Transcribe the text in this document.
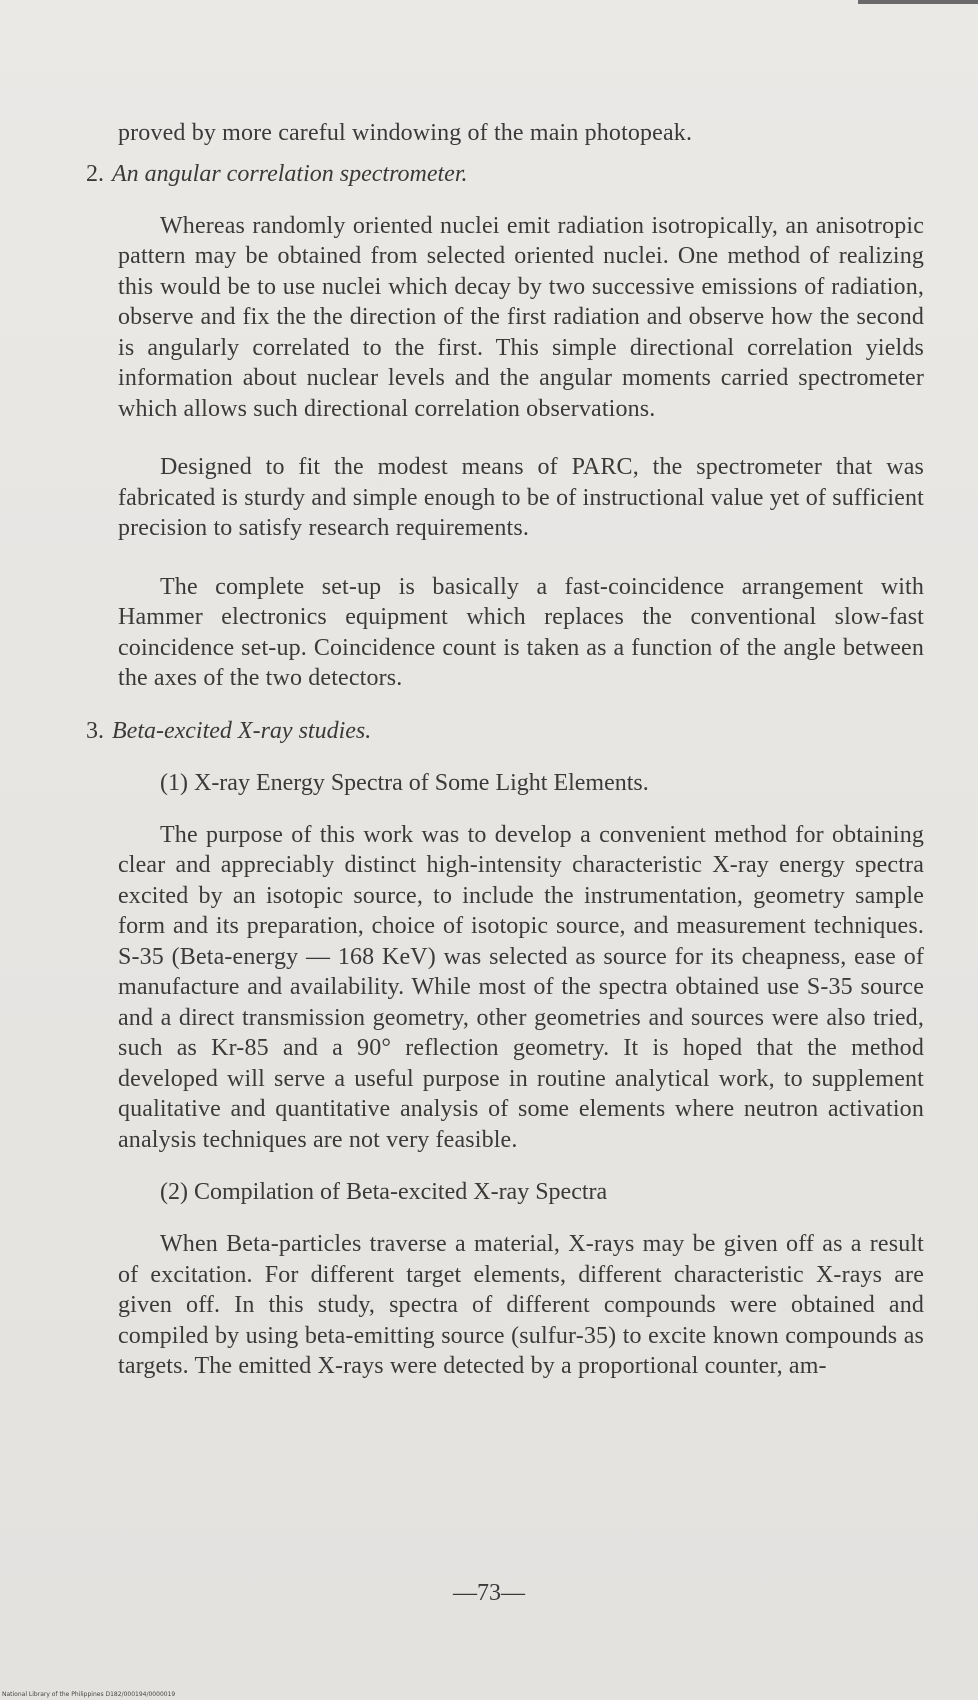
proved by more careful windowing of the main photopeak.

2. An angular correlation spectrometer.

Whereas randomly oriented nuclei emit radiation isotropically, an anisotropic pattern may be obtained from selected oriented nuclei. One method of realizing this would be to use nuclei which decay by two successive emissions of radiation, observe and fix the the direction of the first radiation and observe how the second is angularly correlated to the first. This simple directional correlation yields information about nuclear levels and the angular moments carried spectrometer which allows such directional correlation observations.

Designed to fit the modest means of PARC, the spectrometer that was fabricated is sturdy and simple enough to be of instructional value yet of sufficient precision to satisfy research requirements.

The complete set-up is basically a fast-coincidence arrangement with Hammer electronics equipment which replaces the conventional slow-fast coincidence set-up. Coincidence count is taken as a function of the angle between the axes of the two detectors.

3. Beta-excited X-ray studies.
(1) X-ray Energy Spectra of Some Light Elements.

The purpose of this work was to develop a convenient method for obtaining clear and appreciably distinct high-intensity characteristic X-ray energy spectra excited by an isotopic source, to include the instrumentation, geometry sample form and its preparation, choice of isotopic source, and measurement techniques. S-35 (Beta-energy — 168 KeV) was selected as source for its cheapness, ease of manufacture and availability. While most of the spectra obtained use S-35 source and a direct transmission geometry, other geometries and sources were also tried, such as Kr-85 and a 90° reflection geometry. It is hoped that the method developed will serve a useful purpose in routine analytical work, to supplement qualitative and quantitative analysis of some elements where neutron activation analysis techniques are not very feasible.

(2) Compilation of Beta-excited X-ray Spectra

When Beta-particles traverse a material, X-rays may be given off as a result of excitation. For different target elements, different characteristic X-rays are given off. In this study, spectra of different compounds were obtained and compiled by using beta-emitting source (sulfur-35) to excite known compounds as targets. The emitted X-rays were detected by a proportional counter, am-

—73—
National Library of the Philippines D182/000194/0000019
